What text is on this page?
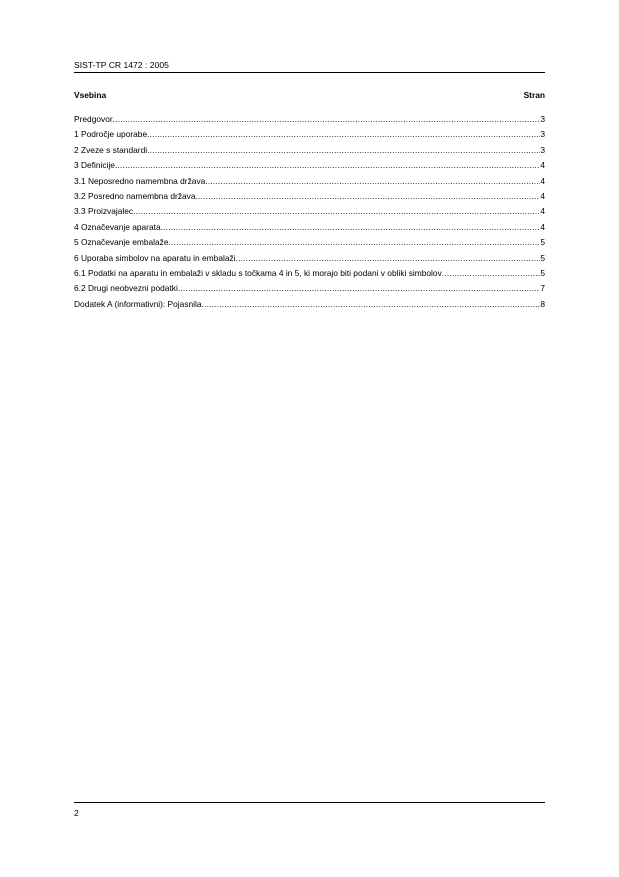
SIST-TP CR 1472 : 2005
Vsebina	Stran
Predgovor .....	3
1 Področje uporabe .....	3
2 Zveze s standardi .....	3
3 Definicije .....	4
3.1 Neposredno namembna država .....	4
3.2 Posredno namembna država .....	4
3.3 Proizvajalec .....	4
4 Označevanje aparata .....	4
5 Označevanje embalaže .....	5
6 Uporaba simbolov na aparatu in embalaži .....	5
6.1 Podatki na aparatu in embalaži v skladu s točkama 4 in 5, ki morajo biti podani v obliki simbolov .....	5
6.2 Drugi neobvezni podatki .....	7
Dodatek A (informativni): Pojasnila .....	8
2
